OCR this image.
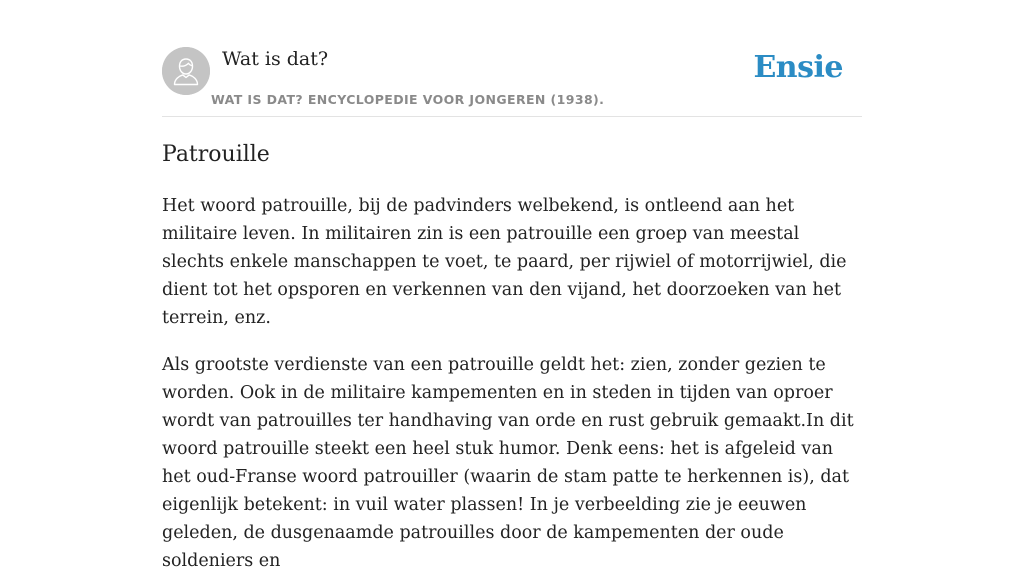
Wat is dat?
WAT IS DAT? ENCYCLOPEDIE VOOR JONGEREN (1938).
Ensie
Patrouille

Het woord patrouille, bij de padvinders welbekend, is ontleend aan het militaire leven. In militairen zin is een patrouille een groep van meestal slechts enkele manschappen te voet, te paard, per rijwiel of motorrijwiel, die dient tot het opsporen en verkennen van den vijand, het doorzoeken van het terrein, enz.

Als grootste verdienste van een patrouille geldt het: zien, zonder gezien te worden. Ook in de militaire kampementen en in steden in tijden van oproer wordt van patrouilles ter handhaving van orde en rust gebruik gemaakt.In dit woord patrouille steekt een heel stuk humor. Denk eens: het is afgeleid van het oud-Franse woord patrouiller (waarin de stam patte te herkennen is), dat eigenlijk betekent: in vuil water plassen! In je verbeelding zie je eeuwen geleden, de dusgenaamde patrouilles door de kampementen der oude soldeniers en
